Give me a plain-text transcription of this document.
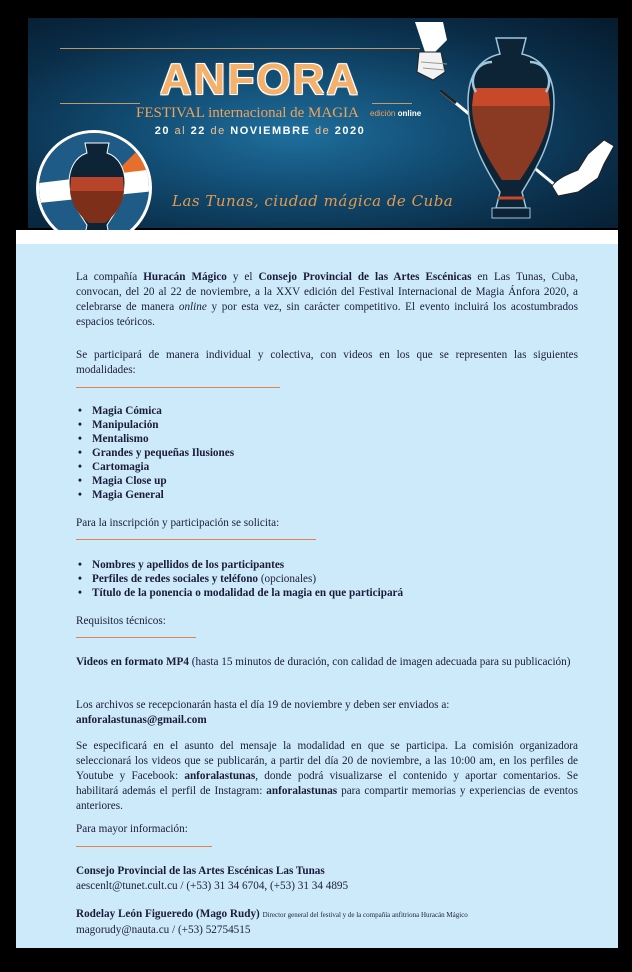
ANFORA
FESTIVAL internacional de MAGIA	edición online
20 al 22 de NOVIEMBRE de 2020
Las Tunas, ciudad mágica de Cuba

La compañía Huracán Mágico y el Consejo Provincial de las Artes Escénicas en Las Tunas, Cuba, convocan, del 20 al 22 de noviembre, a la XXV edición del Festival Internacional de Magia Ánfora 2020, a celebrarse de manera online y por esta vez, sin carácter competitivo. El evento incluirá los acostumbrados espacios teóricos.

Se participará de manera individual y colectiva, con videos en los que se representen las siguientes modalidades:

• Magia Cómica
• Manipulación
• Mentalismo
• Grandes y pequeñas Ilusiones
• Cartomagia
• Magia Close up
• Magia General

Para la inscripción y participación se solicita:

• Nombres y apellidos de los participantes
• Perfiles de redes sociales y teléfono (opcionales)
• Título de la ponencia o modalidad de la magia en que participará

Requisitos técnicos:

Videos en formato MP4 (hasta 15 minutos de duración, con calidad de imagen adecuada para su publicación)

Los archivos se recepcionarán hasta el día 19 de noviembre y deben ser enviados a:
anforalastunas@gmail.com

Se especificará en el asunto del mensaje la modalidad en que se participa. La comisión organizadora seleccionará los videos que se publicarán, a partir del día 20 de noviembre, a las 10:00 am, en los perfiles de Youtube y Facebook: anforalastunas, donde podrá visualizarse el contenido y aportar comentarios. Se habilitará además el perfil de Instagram: anforalastunas para compartir memorias y experiencias de eventos anteriores.

Para mayor información:

Consejo Provincial de las Artes Escénicas Las Tunas
aescenlt@tunet.cult.cu / (+53) 31 34 6704, (+53) 31 34 4895

Rodelay León Figueredo (Mago Rudy) Director general del festival y de la compañía anfitriona Huracán Mágico
magorudy@nauta.cu / (+53) 52754515
